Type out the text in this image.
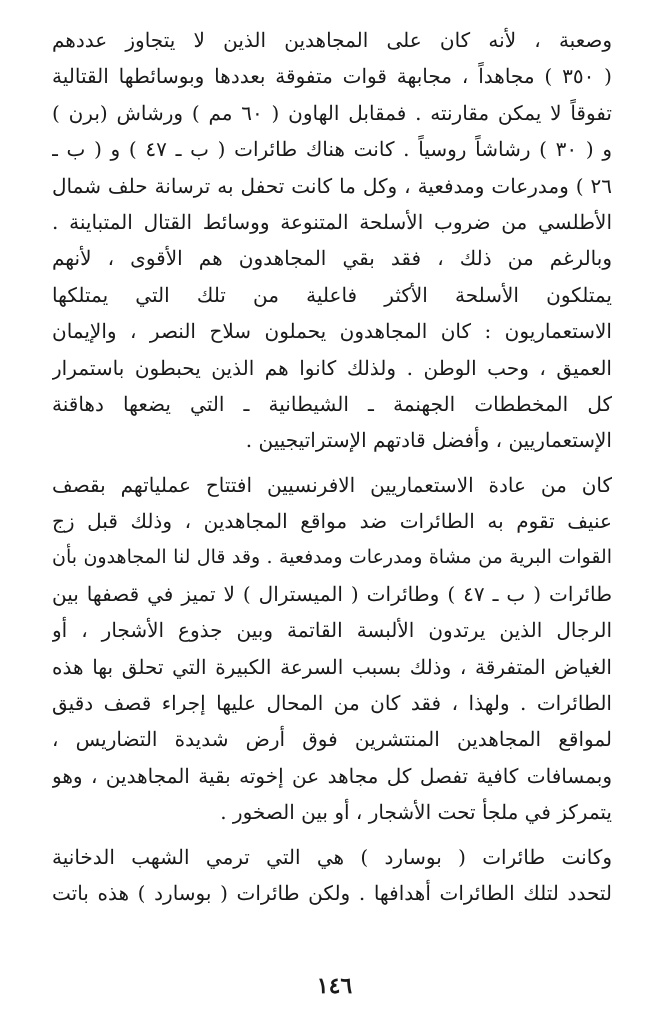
وصعبة ، لأنه كان على المجاهدين الذين لا يتجاوز عددهم
( ٣٥٠ ) مجاهداً ، مجابهة قوات متفوقة بعددها وبوسائطها القتالية
تفوقاً لا يمكن مقارنته . فمقابل الهاون ( ٦٠ مم ) ورشاش (برن )
و ( ٣٠ ) رشاشاً روسياً . كانت هناك طائرات ( ب ـ ٤٧ ) و ( ب ـ
٢٦ ) ومدرعات ومدفعية ، وكل ما كانت تحفل به ترسانة حلف شمال
الأطلسي من ضروب الأسلحة المتنوعة ووسائط القتال المتباينة .
وبالرغم من ذلك ، فقد بقي المجاهدون هم الأقوى ، لأنهم
يمتلكون الأسلحة الأكثر فاعلية من تلك التي يمتلكها
الاستعماريون : كان المجاهدون يحملون سلاح النصر ، والإيمان
العميق ، وحب الوطن . ولذلك كانوا هم الذين يحبطون باستمرار
كل المخططات الجهنمة ـ الشيطانية ـ التي يضعها دهاقنة
الإستعماريين ، وأفضل قادتهم الإستراتيجيين .
كان من عادة الاستعماريين الافرنسيين افتتاح عملياتهم بقصف
عنيف تقوم به الطائرات ضد مواقع المجاهدين ، وذلك قبل زج
القوات البرية من مشاة ومدرعات ومدفعية . وقد قال لنا المجاهدون بأن
طائرات ( ب ـ ٤٧ ) وطائرات ( الميسترال ) لا تميز في قصفها بين
الرجال الذين يرتدون الألبسة القاتمة وبين جذوع الأشجار ، أو
الغياض المتفرقة ، وذلك بسبب السرعة الكبيرة التي تحلق بها هذه
الطائرات . ولهذا ، فقد كان من المحال عليها إجراء قصف دقيق
لمواقع المجاهدين المنتشرين فوق أرض شديدة التضاريس ،
وبمسافات كافية تفصل كل مجاهد عن إخوته بقية المجاهدين ، وهو
يتمركز في ملجأ تحت الأشجار ، أو بين الصخور .
وكانت طائرات ( بوسارد ) هي التي ترمي الشهب الدخانية
لتحدد لتلك الطائرات أهدافها . ولكن طائرات ( بوسارد ) هذه باتت
١٤٦
